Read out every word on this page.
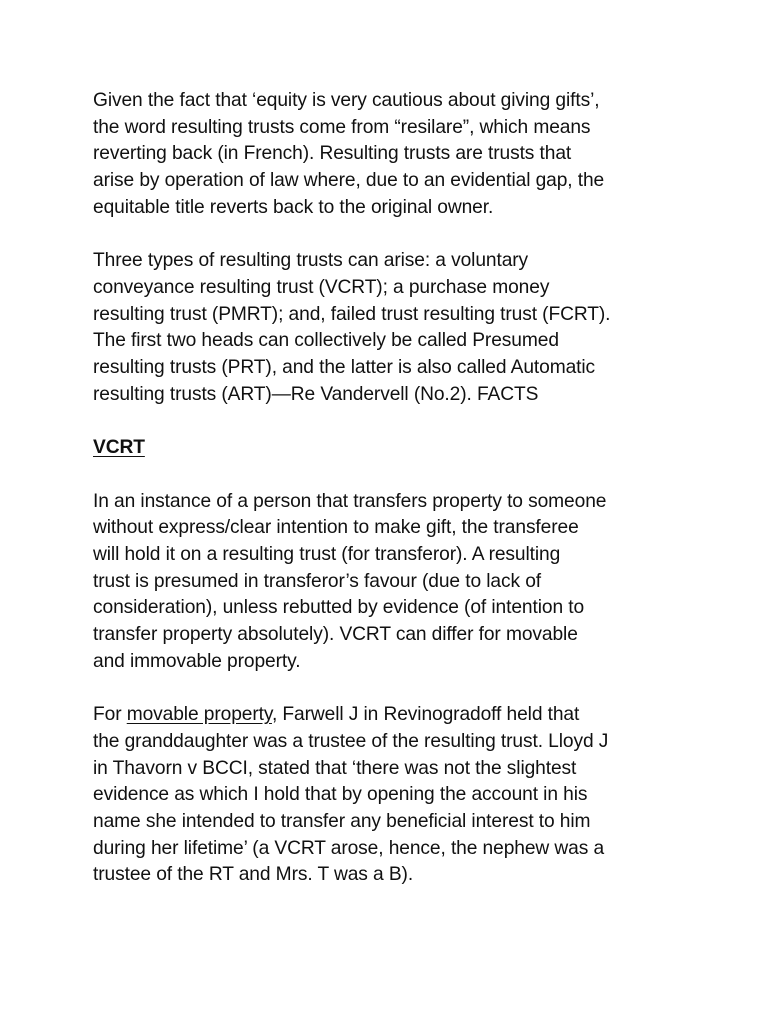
Given the fact that ‘equity is very cautious about giving gifts’,
the word resulting trusts come from “resilare”, which means
reverting back (in French). Resulting trusts are trusts that
arise by operation of law where, due to an evidential gap, the
equitable title reverts back to the original owner.

Three types of resulting trusts can arise: a voluntary
conveyance resulting trust (VCRT); a purchase money
resulting trust (PMRT); and, failed trust resulting trust (FCRT).
The first two heads can collectively be called Presumed
resulting trusts (PRT), and the latter is also called Automatic
resulting trusts (ART)—Re Vandervell (No.2). FACTS

VCRT

In an instance of a person that transfers property to someone
without express/clear intention to make gift, the transferee
will hold it on a resulting trust (for transferor). A resulting
trust is presumed in transferor’s favour (due to lack of
consideration), unless rebutted by evidence (of intention to
transfer property absolutely). VCRT can differ for movable
and immovable property.

For movable property, Farwell J in Revinogradoff held that
the granddaughter was a trustee of the resulting trust. Lloyd J
in Thavorn v BCCI, stated that ‘there was not the slightest
evidence as which I hold that by opening the account in his
name she intended to transfer any beneficial interest to him
during her lifetime’ (a VCRT arose, hence, the nephew was a
trustee of the RT and Mrs. T was a B).
